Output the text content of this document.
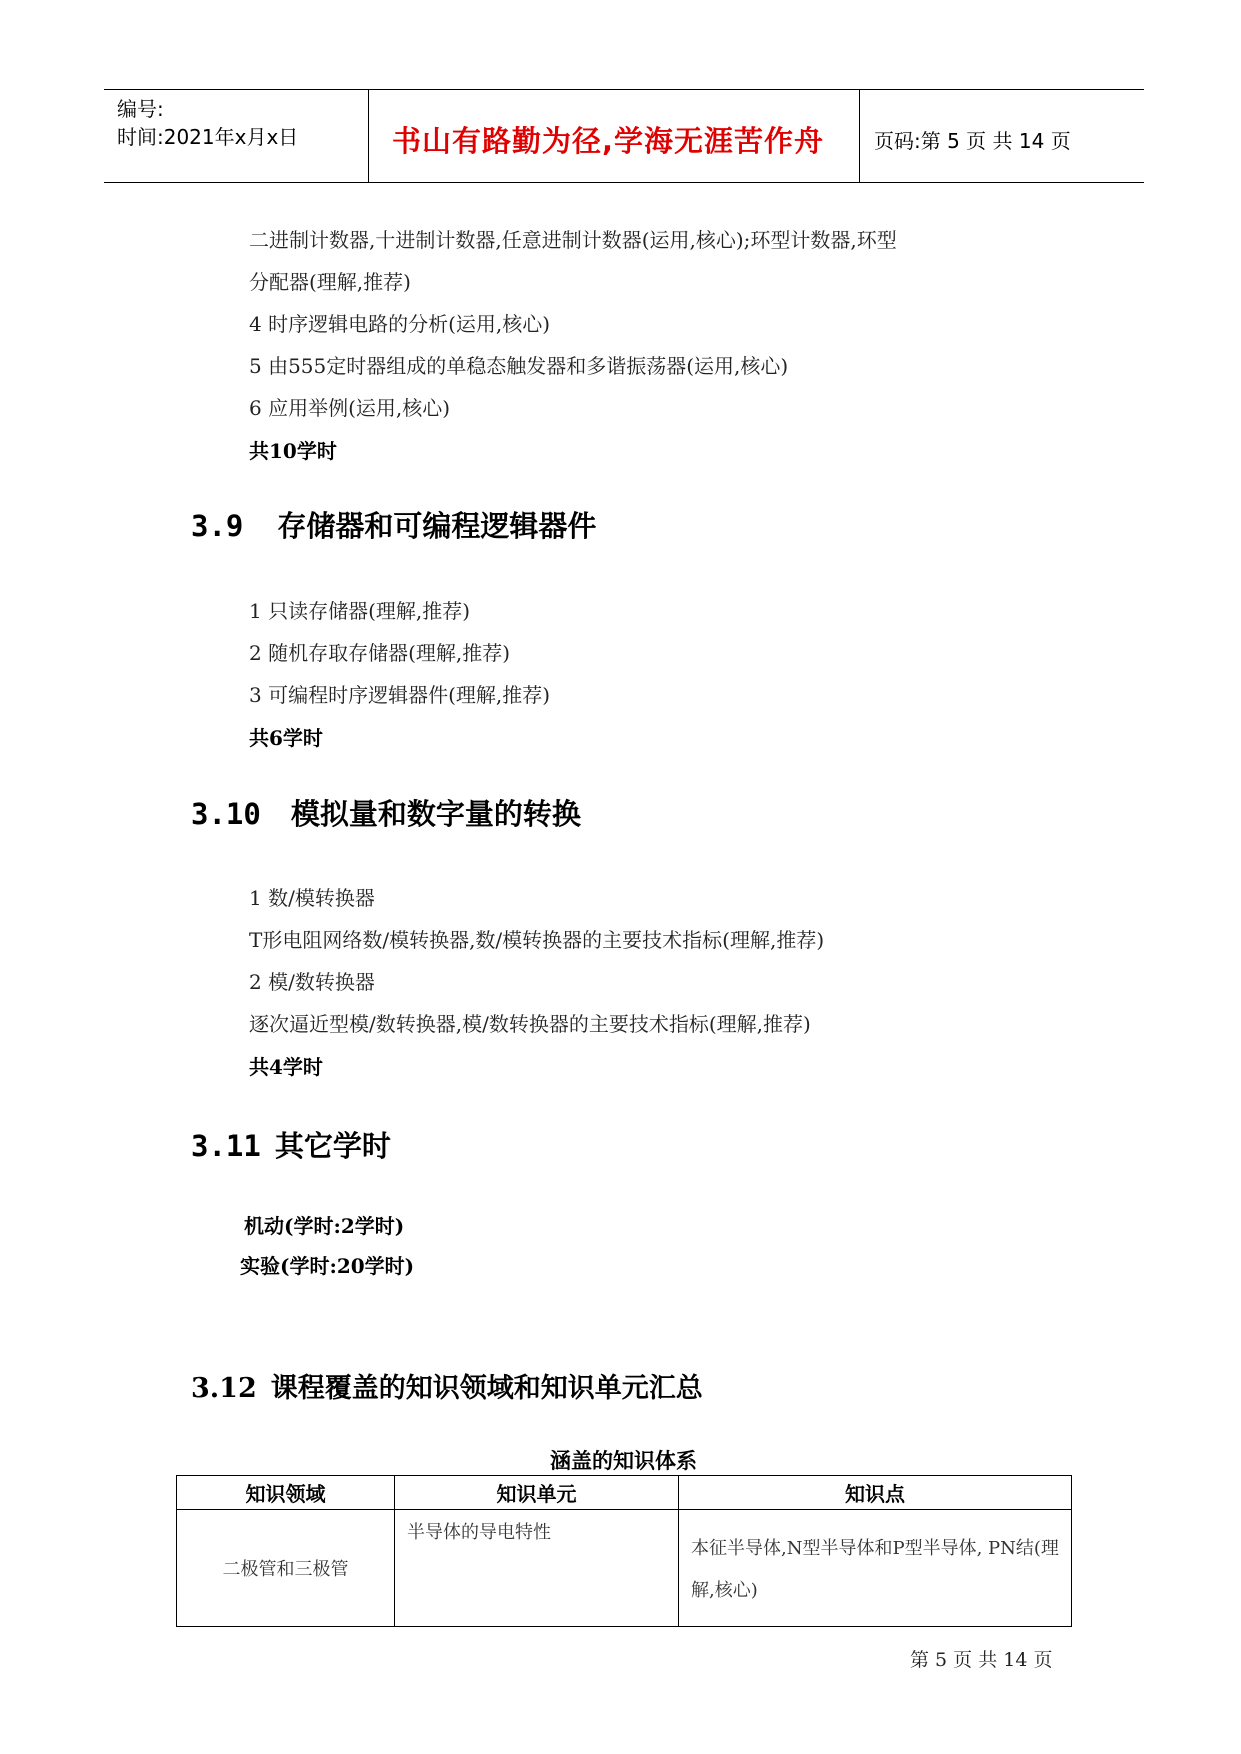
编号:
时间:2021年x月x日	书山有路勤为径,学海无涯苦作舟 页码:第 5 页 共 14 页
二进制计数器,十进制计数器,任意进制计数器(运用,核心);环型计数器,环型
分配器(理解,推荐)
4 时序逻辑电路的分析(运用,核心)
5 由555定时器组成的单稳态触发器和多谐振荡器(运用,核心)
6 应用举例(运用,核心)
共10学时
3.9 存储器和可编程逻辑器件
1 只读存储器(理解,推荐)
2 随机存取存储器(理解,推荐)
3 可编程时序逻辑器件(理解,推荐)
共6学时
3.10 模拟量和数字量的转换
1 数/模转换器
T形电阻网络数/模转换器,数/模转换器的主要技术指标(理解,推荐)
2 模/数转换器
逐次逼近型模/数转换器,模/数转换器的主要技术指标(理解,推荐)
共4学时
3.11 其它学时
机动(学时:2学时)
实验(学时:20学时)
3.12 课程覆盖的知识领域和知识单元汇总
涵盖的知识体系
知识领域	知识单元	知识点
二极管和三极管	半导体的导电特性	本征半导体,N型半导体和P型半导体, PN结(理解,核心)
第 5 页 共 14 页
